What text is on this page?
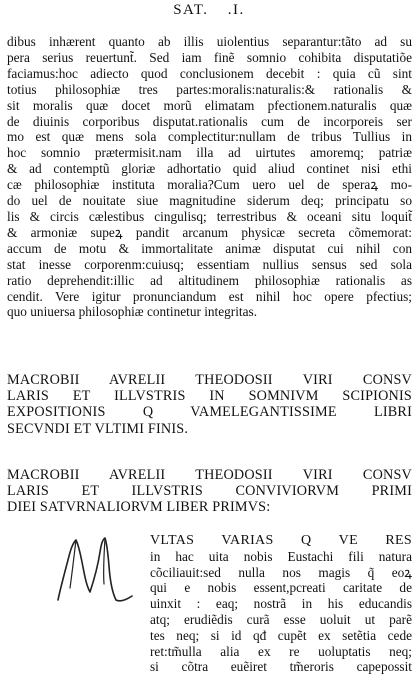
SAT. .I.
dibus inhærent quanto ab illis uiolentius separantur:tãto ad su
pera serius reuertunt̃. Sed iam finẽ somnio cohibita disputatiõe
faciamus:hoc adiecto quod conclusionem decebit : quia cũ sint
totius philosophiæ tres partes:moralis:naturalis:& rationalis &
sit moralis quæ docet morũ elimatam pfectionem.naturalis quæ
de diuinis corporibus disputat.rationalis cum de incorporeis ser
mo est quæ mens sola complectitur:nullam de tribus Tullius in
hoc somnio prætermisit.nam illa ad uirtutes amoremq; patriæ
& ad contemptũ gloriæ adhortatio quid aliud continet nisi ethi
cæ philosophiæ instituta moralia?Cum uero uel de speraꝝ mo-
do uel de nouitate siue magnitudine siderum deq; principatu so
lis & circis cælestibus cingulisq; terrestribus & oceani situ loquit̃
& armoniæ supeꝝ pandit arcanum physicæ secreta cõmemorat:
accum de motu & immortalitate animæ disputat cui nihil con
stat inesse corporenm:cuiusq; essentiam nullius sensus sed sola
ratio deprehendit:illic ad altitudinem philosophiæ rationalis as
cendit. Vere igitur pronunciandum est nihil hoc opere pfectius;
quo uniuersa philosophiæ continetur integritas.
MACROBII AVRELII THEODOSII VIRI CONSV
LARIS ET ILLVSTRIS IN SOMNIVM SCIPIONIS
EXPOSITIONIS Q VAMELEGANTISSIME LIBRI
SECVNDI ET VLTIMI FINIS.
MACROBII AVRELII THEODOSII VIRI CONSV
LARIS ET ILLVSTRIS CONVIVIORVM PRIMI
DIEI SATVRNALIORVM LIBER PRIMVS:
VLTAS VARIAS Q VE RES
in hac uita nobis Eustachi fili natura
cõciliauit:sed nulla nos magis q̃ eoꝝ
qui e nobis essent,pcreati caritate de
uinxit : eaq; nostrã in his educandis
atq; erudiẽdis curã esse uoluit ut parẽ
tes neq; si id qđ cupẽt ex setẽtia cede
ret:tm̃ulla alia ex re uoluptatis neq;
si cõtra euẽiret tm̃eroris capepossit
